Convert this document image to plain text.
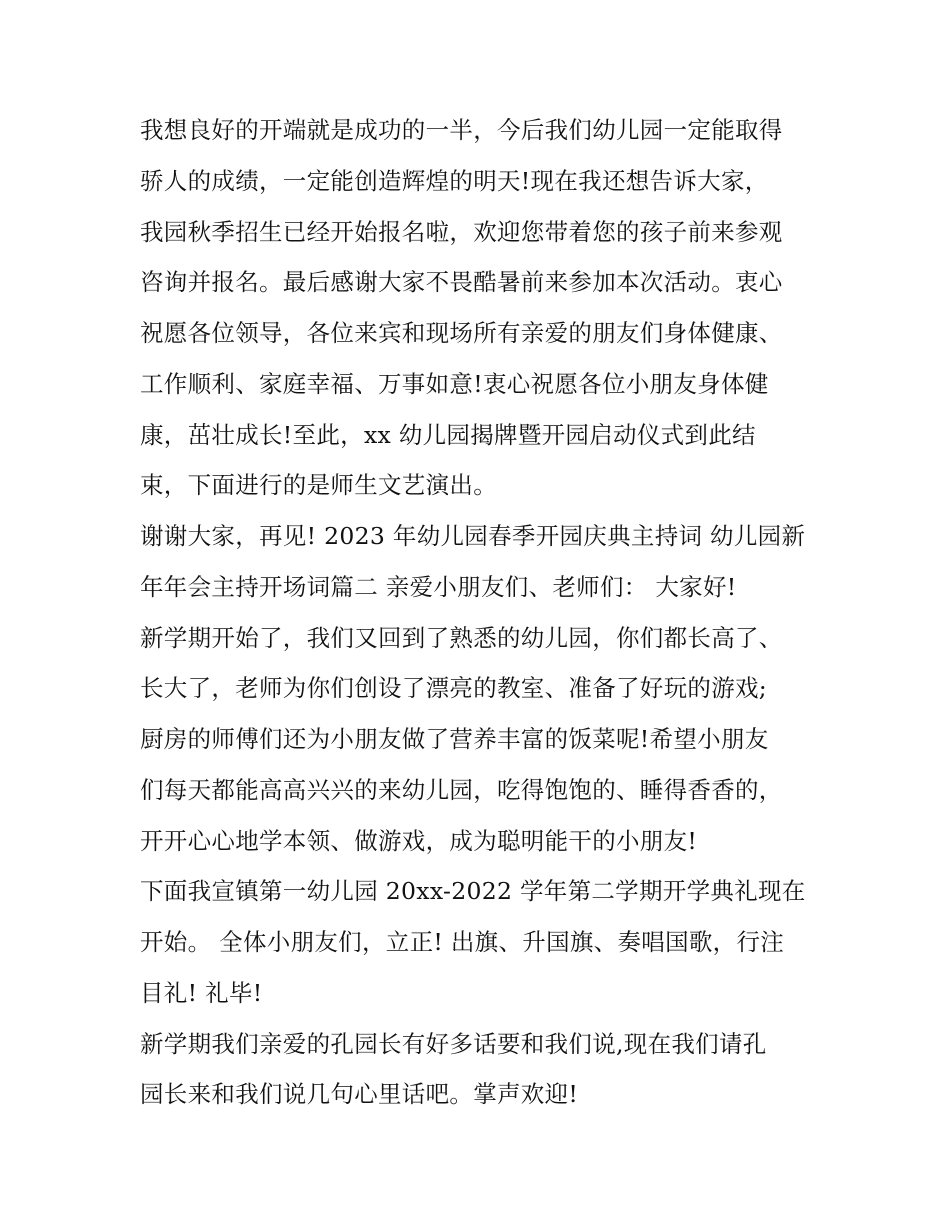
我想良好的开端就是成功的一半，今后我们幼儿园一定能取得
骄人的成绩，一定能创造辉煌的明天!现在我还想告诉大家，
我园秋季招生已经开始报名啦，欢迎您带着您的孩子前来参观
咨询并报名。最后感谢大家不畏酷暑前来参加本次活动。衷心
祝愿各位领导，各位来宾和现场所有亲爱的朋友们身体健康、
工作顺利、家庭幸福、万事如意!衷心祝愿各位小朋友身体健
康，茁壮成长!至此，xx 幼儿园揭牌暨开园启动仪式到此结
束，下面进行的是师生文艺演出。
谢谢大家，再见! 2023 年幼儿园春季开园庆典主持词 幼儿园新
年年会主持开场词篇二 亲爱小朋友们、老师们： 大家好!
新学期开始了，我们又回到了熟悉的幼儿园，你们都长高了、
长大了，老师为你们创设了漂亮的教室、准备了好玩的游戏;
厨房的师傅们还为小朋友做了营养丰富的饭菜呢!希望小朋友
们每天都能高高兴兴的来幼儿园，吃得饱饱的、睡得香香的，
开开心心地学本领、做游戏，成为聪明能干的小朋友!
下面我宣镇第一幼儿园 20xx-2022 学年第二学期开学典礼现在
开始。 全体小朋友们，立正! 出旗、升国旗、奏唱国歌，行注
目礼! 礼毕!
新学期我们亲爱的孔园长有好多话要和我们说,现在我们请孔
园长来和我们说几句心里话吧。掌声欢迎!
